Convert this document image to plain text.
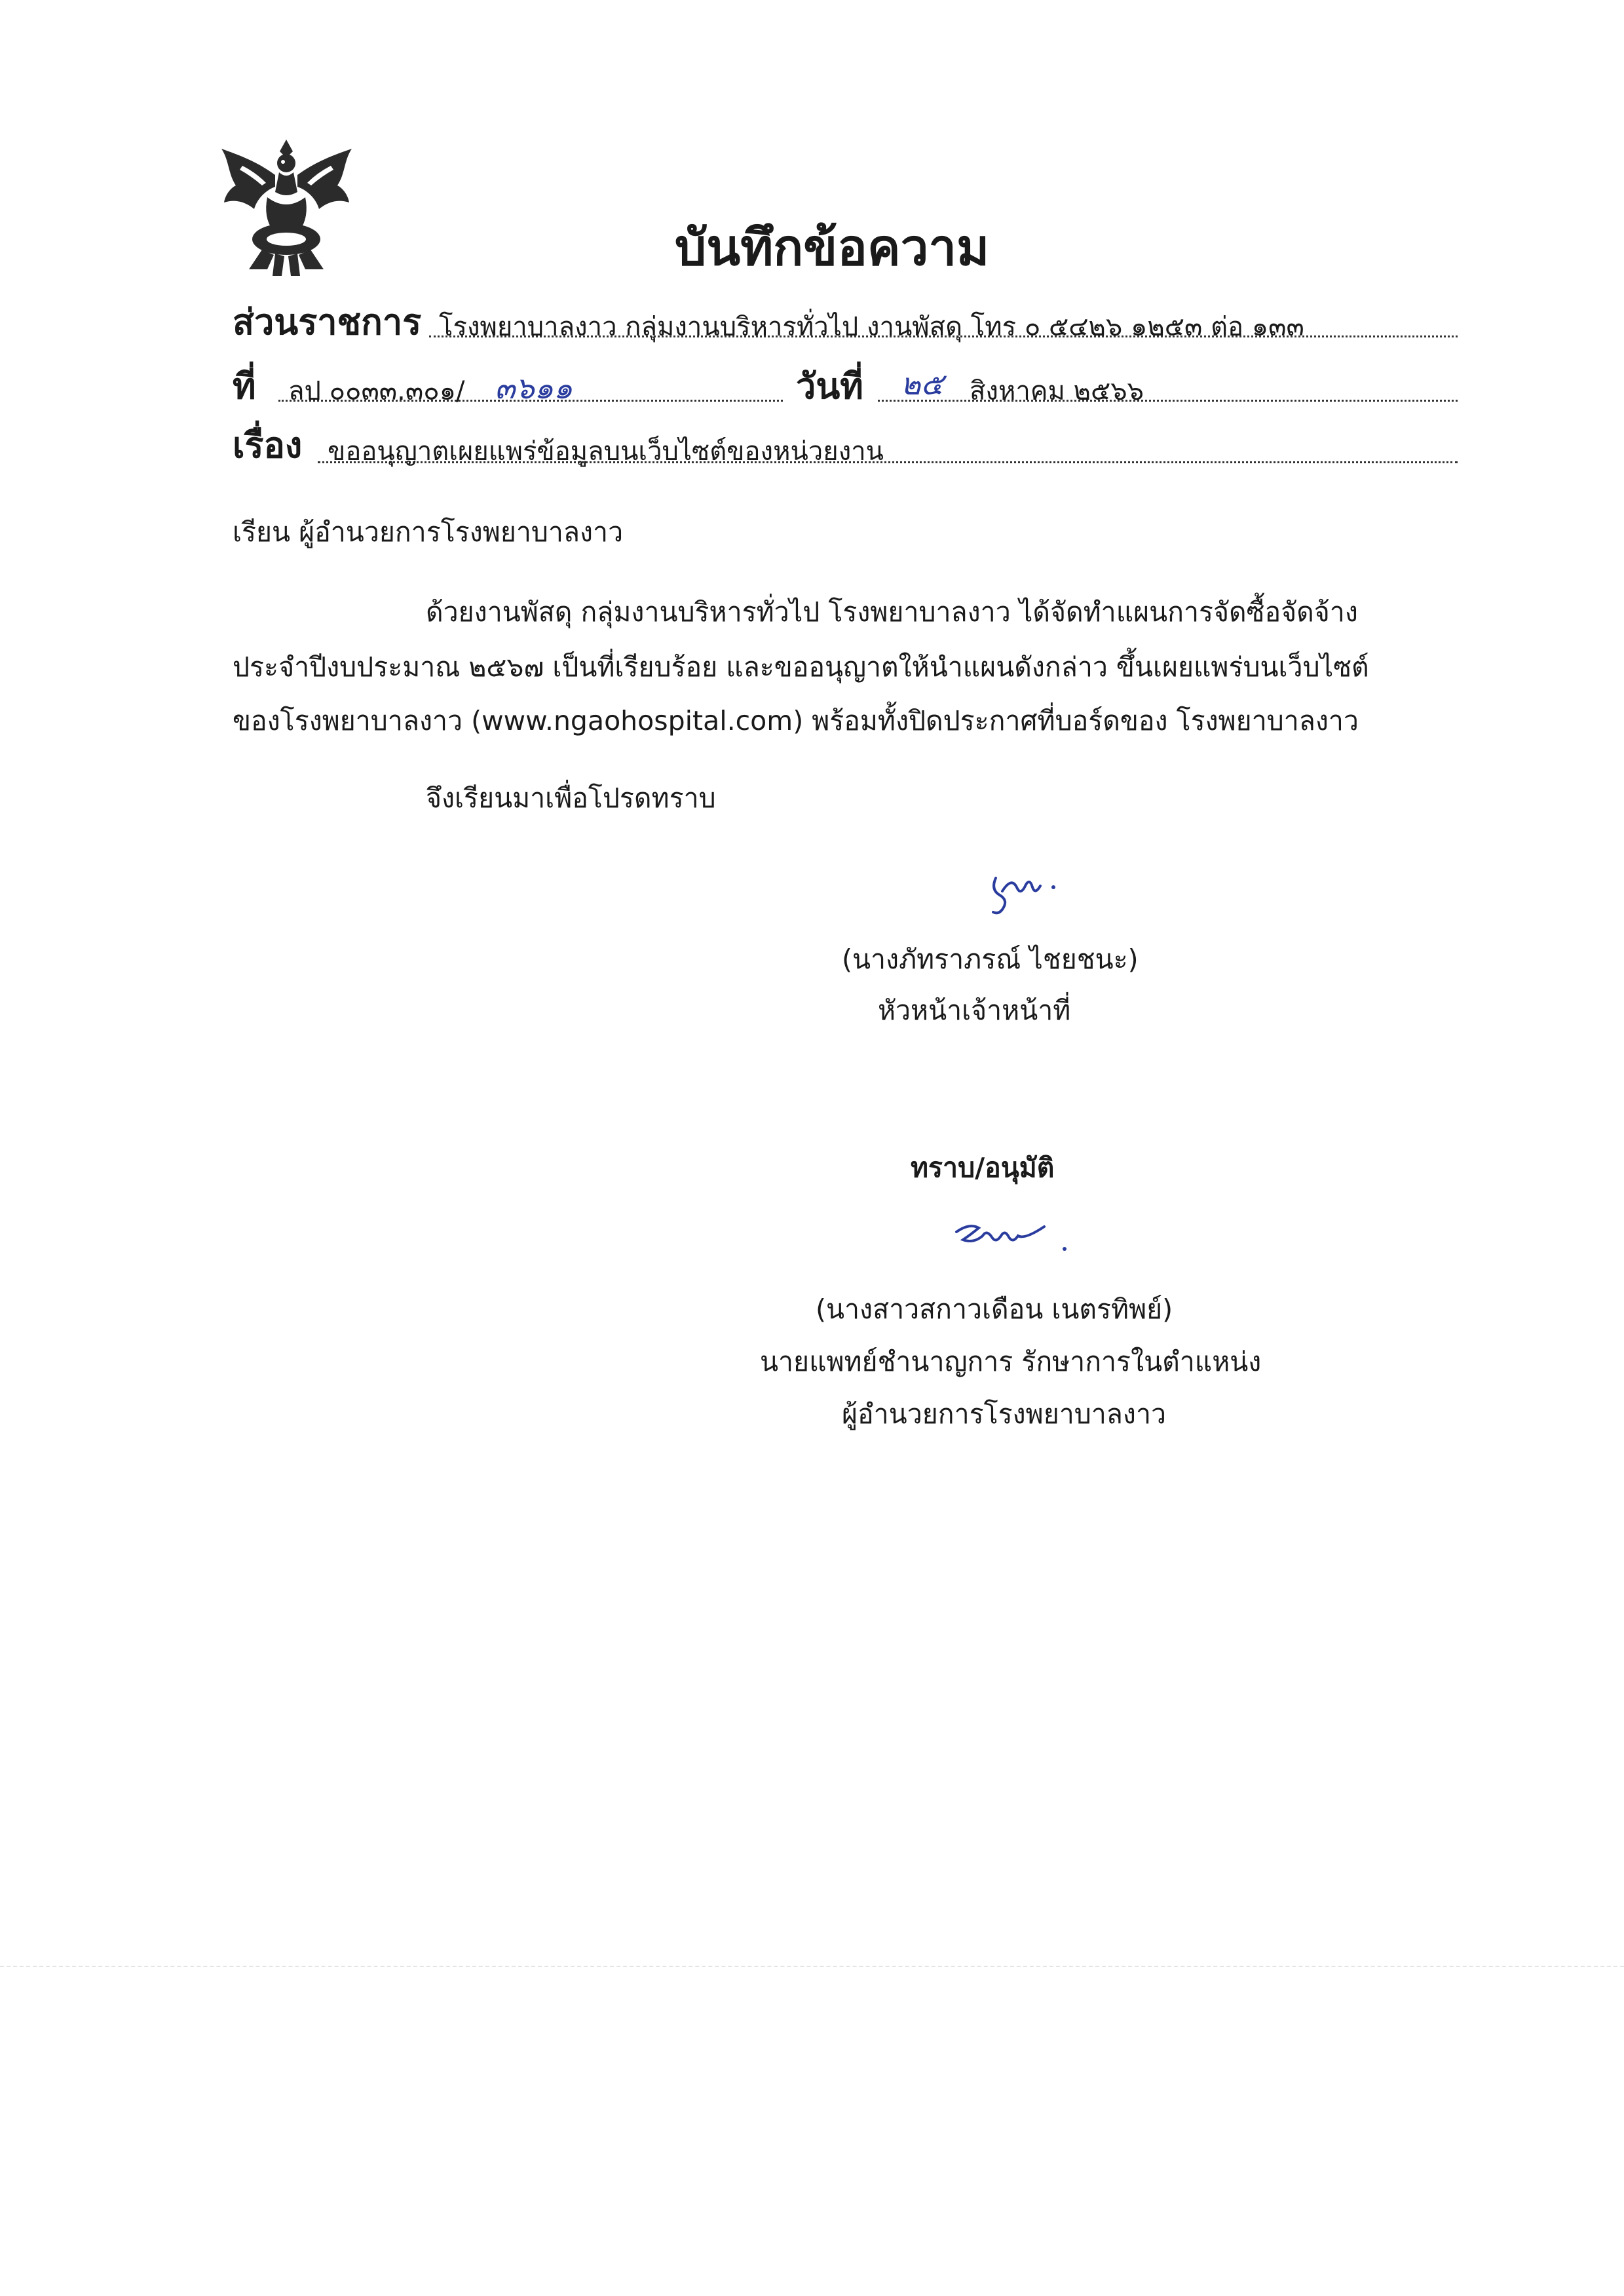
บันทึกข้อความ
ส่วนราชการ โรงพยาบาลงาว กลุ่มงานบริหารทั่วไป งานพัสดุ โทร ๐ ๕๔๒๖ ๑๒๕๓ ต่อ ๑๓๓
ที่ ลป ๐๐๓๓.๓๐๑/ ๓๖๑๑	วันที่ ๒๕ สิงหาคม ๒๕๖๖
เรื่อง ขออนุญาตเผยแพร่ข้อมูลบนเว็บไซต์ของหน่วยงาน
เรียน ผู้อำนวยการโรงพยาบาลงาว
ด้วยงานพัสดุ กลุ่มงานบริหารทั่วไป โรงพยาบาลงาว ได้จัดทำแผนการจัดซื้อจัดจ้าง
ประจำปีงบประมาณ ๒๕๖๗ เป็นที่เรียบร้อย และขออนุญาตให้นำแผนดังกล่าว ขึ้นเผยแพร่บนเว็บไซต์
ของโรงพยาบาลงาว (www.ngaohospital.com) พร้อมทั้งปิดประกาศที่บอร์ดของ โรงพยาบาลงาว
จึงเรียนมาเพื่อโปรดทราบ
(นางภัทราภรณ์ ไชยชนะ)
หัวหน้าเจ้าหน้าที่
ทราบ/อนุมัติ
(นางสาวสกาวเดือน เนตรทิพย์)
นายแพทย์ชำนาญการ รักษาการในตำแหน่ง
ผู้อำนวยการโรงพยาบาลงาว
